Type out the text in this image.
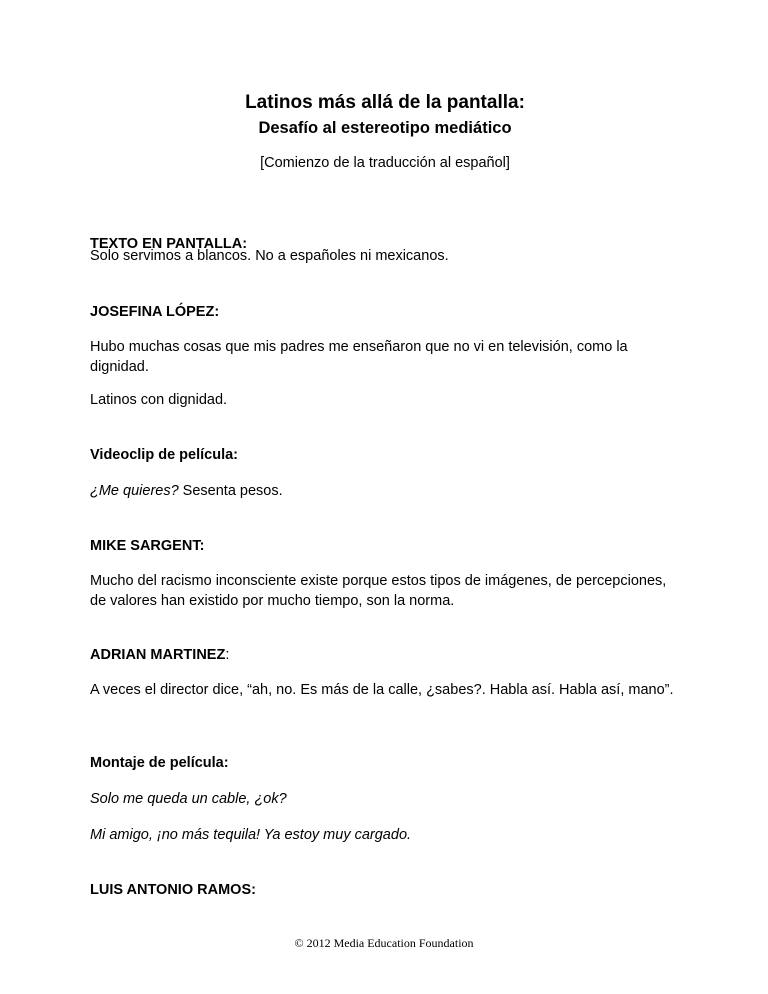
Latinos más allá de la pantalla:

Desafío al estereotipo mediático

[Comienzo de la traducción al español]

TEXTO EN PANTALLA:

Solo servimos a blancos. No a españoles ni mexicanos.

JOSEFINA LÓPEZ:

Hubo muchas cosas que mis padres me enseñaron que no vi en televisión, como la dignidad.

Latinos con dignidad.

Videoclip de película:

¿Me quieres? Sesenta pesos.

MIKE SARGENT:

Mucho del racismo inconsciente existe porque estos tipos de imágenes, de percepciones, de valores han existido por mucho tiempo, son la norma.

ADRIAN MARTINEZ:

A veces el director dice, “ah, no. Es más de la calle, ¿sabes?. Habla así. Habla así, mano”.

Montaje de película:

Solo me queda un cable, ¿ok?

Mi amigo, ¡no más tequila! Ya estoy muy cargado.

LUIS ANTONIO RAMOS:

© 2012 Media Education Foundation
